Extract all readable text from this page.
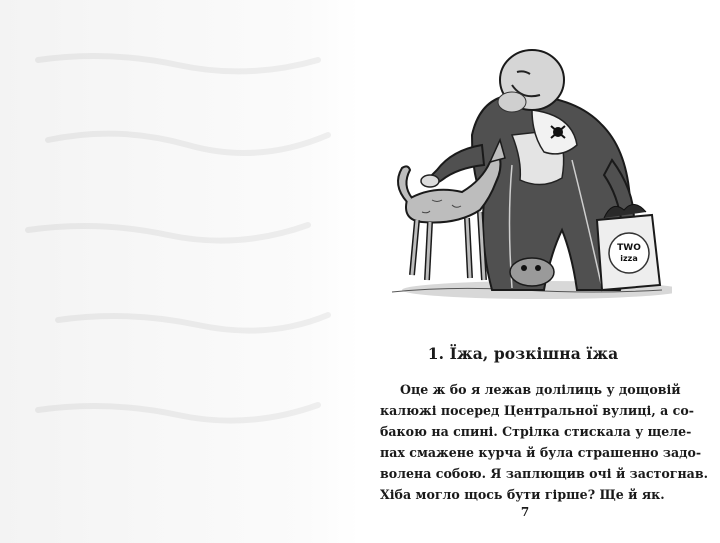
TWO
izza
1. Їжа, розкішна їжа
Оце ж бо я лежав долілиць у дощовій
калюжі посеред Центральної вулиці, а со-
бакою на спині. Стрілка стискала у щеле-
пах смажене курча й була страшенно задо-
волена собою. Я заплющив очі й застогнав.
Хіба могло щось бути гірше? Ще й як.
7
